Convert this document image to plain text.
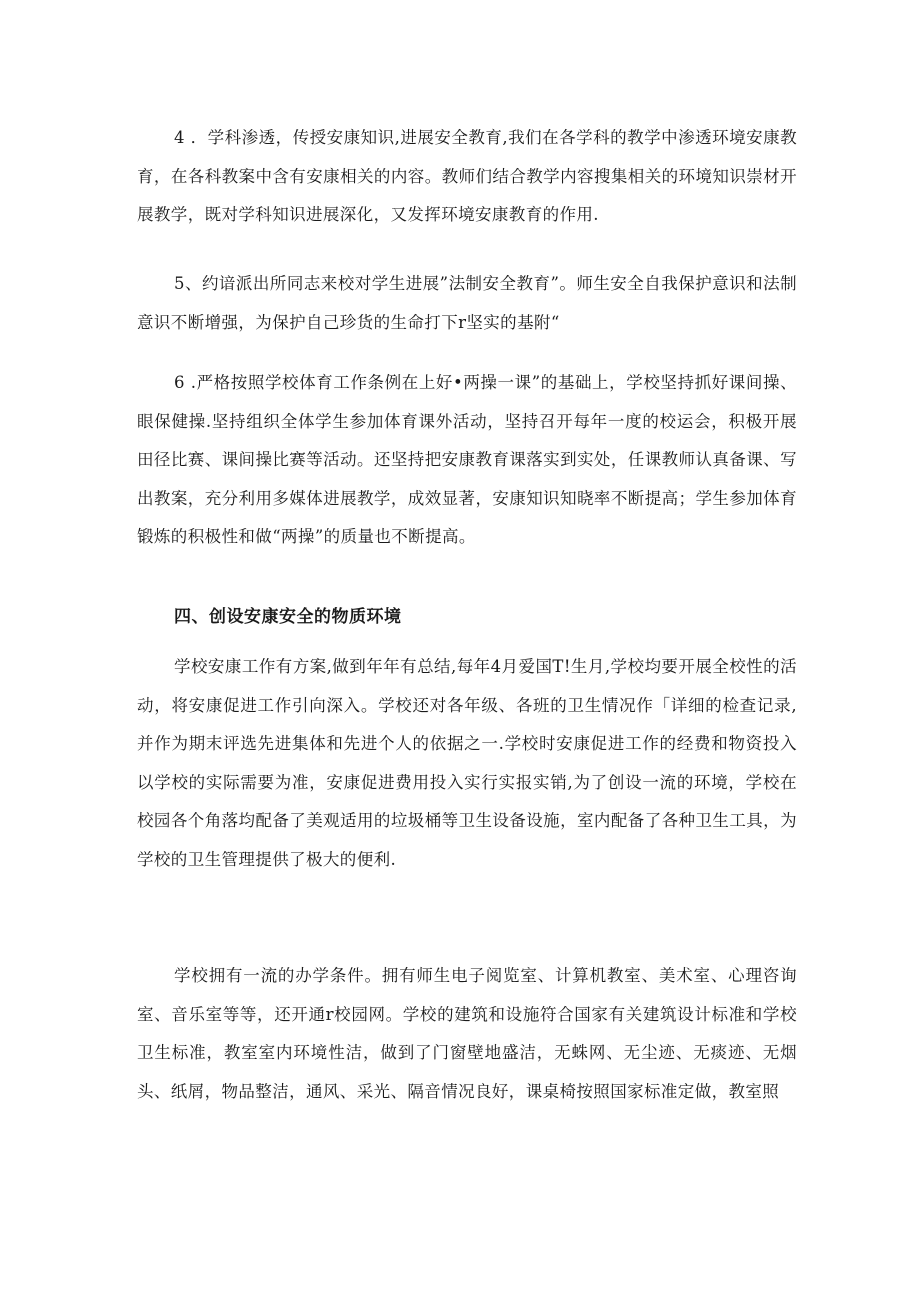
4 ．学科渗透，传授安康知识,进展安全教育,我们在各学科的教学中渗透环境安康教育，在各科教案中含有安康相关的内容。教师们结合教学内容搜集相关的环境知识崇材开展教学，既对学科知识进展深化，又发挥环境安康教育的作用.

5、约谙派出所同志来校对学生进展”法制安全教育”。师生安全自我保护意识和法制意识不断增强，为保护自己珍货的生命打下r坚实的基附“

6 .严格按照学校体育工作条例在上好•两操一课”的基础上，学校坚持抓好课间操、眼保健操.坚持组织全体学生参加体育课外活动，坚持召开每年一度的校运会，积极开展田径比赛、课间操比赛等活动。还坚持把安康教育课落实到实处，任课教师认真备课、写出教案，充分利用多媒体进展教学，成效显著，安康知识知晓率不断提高；学生参加体育锻炼的积极性和做“两操”的质量也不断提高。

四、创设安康安全的物质环境

学校安康工作有方案,做到年年有总结,每年4月爱国T!生月,学校均要开展全校性的活动，将安康促进工作引向深入。学校还对各年级、各班的卫生情况作「详细的检查记录,并作为期末评选先进集体和先进个人的依据之一.学校时安康促进工作的经费和物资投入以学校的实际需要为准，安康促进费用投入实行实报实销,为了创设一流的环境，学校在校园各个角落均配备了美观适用的垃圾桶等卫生设备设施，室内配备了各种卫生工具，为学校的卫生管理提供了极大的便利.

学校拥有一流的办学条件。拥有师生电子阅览室、计算机教室、美术室、心理咨询室、音乐室等等，还开通r校园网。学校的建筑和设施符合国家有关建筑设计标准和学校卫生标准，教室室内环境性洁，做到了门窗壁地盛洁，无蛛网、无尘迹、无痰迹、无烟头、纸屑，物品整洁，通风、采光、隔音情况良好，课桌椅按照国家标准定做，教室照
